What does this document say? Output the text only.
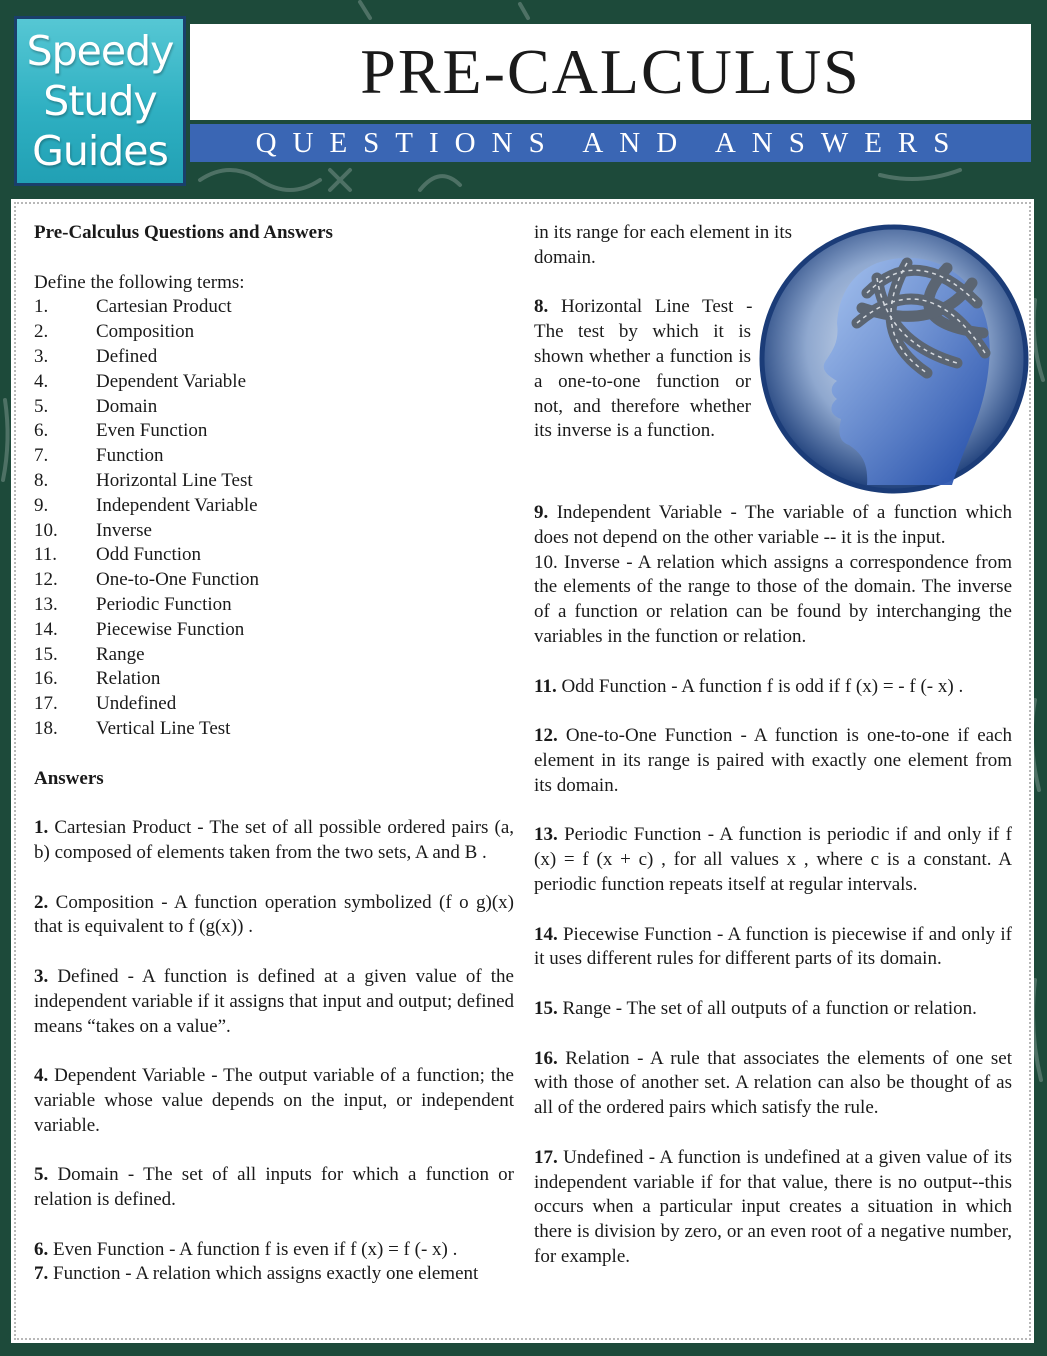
Speedy
Study
Guides
PRE-CALCULUS
QUESTIONS AND ANSWERS

Pre-Calculus Questions and Answers

Define the following terms:

1.	Cartesian Product
2.	Composition
3.	Defined
4.	Dependent Variable
5.	Domain
6.	Even Function
7.	Function
8.	Horizontal Line Test
9.	Independent Variable
10.	Inverse
11.	Odd Function
12.	One-to-One Function
13.	Periodic Function
14.	Piecewise Function
15.	Range
16.	Relation
17.	Undefined
18.	Vertical Line Test

Answers

1. Cartesian Product - The set of all possible ordered pairs (a, b) composed of elements taken from the two sets, A and B .

2. Composition - A function operation symbolized (f o g)(x) that is equivalent to f (g(x)) .

3. Defined - A function is defined at a given value of the independent variable if it assigns that input and output; defined means “takes on a value”.

4. Dependent Variable - The output variable of a function; the variable whose value depends on the input, or independent variable.

5. Domain - The set of all inputs for which a function or relation is defined.

6. Even Function - A function f is even if f (x) = f (- x) .

7. Function - A relation which assigns exactly one element

in its range for each element in its domain.

8. Horizontal Line Test - The test by which it is shown whether a function is a one-to-one function or not, and therefore whether its inverse is a function.

9. Independent Variable - The variable of a function which does not depend on the other variable -- it is the input.

10. Inverse - A relation which assigns a correspondence from the elements of the range to those of the domain. The inverse of a function or relation can be found by interchanging the variables in the function or relation.

11. Odd Function - A function f is odd if f (x) = - f (- x) .

12. One-to-One Function - A function is one-to-one if each element in its range is paired with exactly one element from its domain.

13. Periodic Function - A function is periodic if and only if f (x) = f (x + c) , for all values x , where c is a constant. A periodic function repeats itself at regular intervals.

14. Piecewise Function - A function is piecewise if and only if it uses different rules for different parts of its domain.

15. Range - The set of all outputs of a function or relation.

16. Relation - A rule that associates the elements of one set with those of another set. A relation can also be thought of as all of the ordered pairs which satisfy the rule.

17. Undefined - A function is undefined at a given value of its independent variable if for that value, there is no output--this occurs when a particular input creates a situation in which there is division by zero, or an even root of a negative number, for example.
